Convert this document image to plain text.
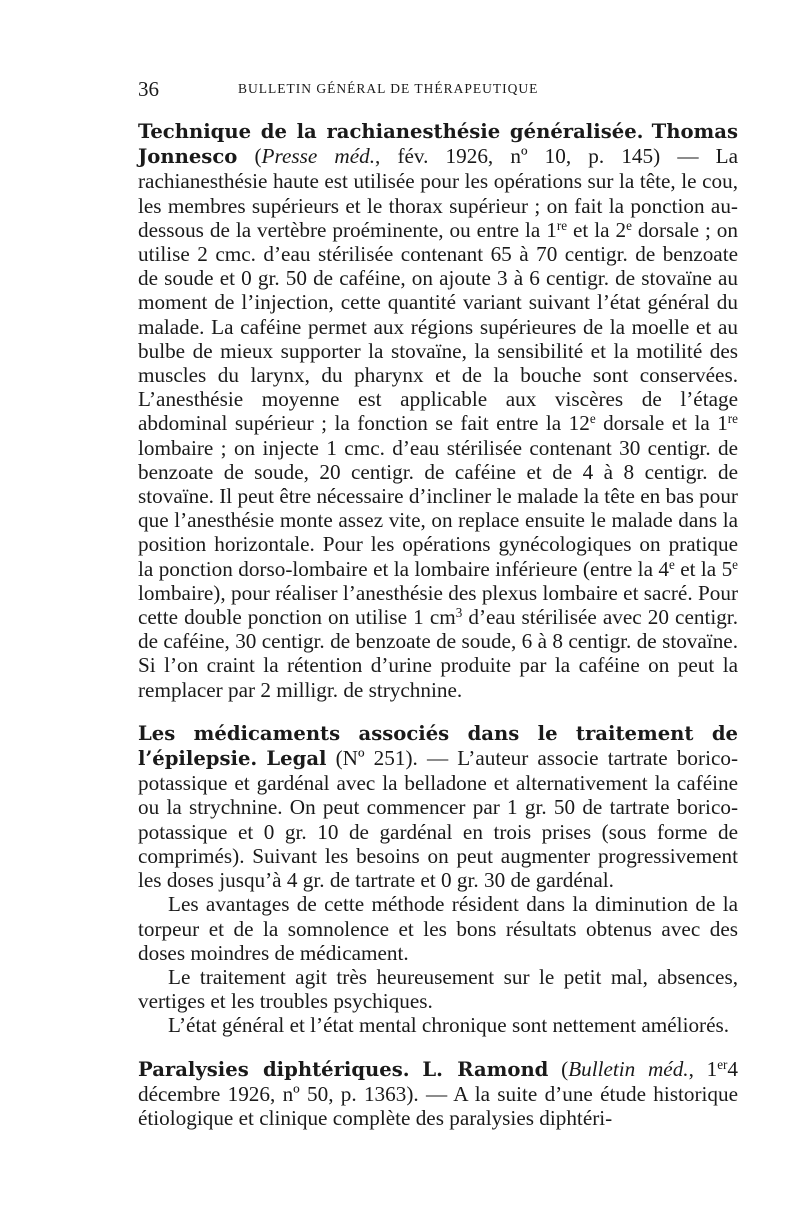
36	BULLETIN GÉNÉRAL DE THÉRAPEUTIQUE

Technique de la rachianesthésie généralisée. Thomas Jonnesco (Presse méd., fév. 1926, nº 10, p. 145) — La rachianesthésie haute est utilisée pour les opérations sur la tête, le cou, les membres supérieurs et le thorax supérieur ; on fait la ponction au-dessous de la vertèbre proéminente, ou entre la 1re et la 2e dorsale ; on utilise 2 cmc. d’eau stérilisée contenant 65 à 70 centigr. de benzoate de soude et 0 gr. 50 de caféine, on ajoute 3 à 6 centigr. de stovaïne au moment de l’injection, cette quantité variant suivant l’état général du malade. La caféine permet aux régions supérieures de la moelle et au bulbe de mieux supporter la stovaïne, la sensibilité et la motilité des muscles du larynx, du pharynx et de la bouche sont conservées. L’anesthésie moyenne est applicable aux viscères de l’étage abdominal supérieur ; la fonction se fait entre la 12e dorsale et la 1re lombaire ; on injecte 1 cmc. d’eau stérilisée contenant 30 centigr. de benzoate de soude, 20 centigr. de caféine et de 4 à 8 centigr. de stovaïne. Il peut être nécessaire d’incliner le malade la tête en bas pour que l’anesthésie monte assez vite, on replace ensuite le malade dans la position horizontale. Pour les opérations gynécologiques on pratique la ponction dorso-lombaire et la lombaire inférieure (entre la 4e et la 5e lombaire), pour réaliser l’anesthésie des plexus lombaire et sacré. Pour cette double ponction on utilise 1 $cm^3$ d’eau stérilisée avec 20 centigr. de caféine, 30 centigr. de benzoate de soude, 6 à 8 centigr. de stovaïne. Si l’on craint la rétention d’urine produite par la caféine on peut la remplacer par 2 milligr. de strychnine.

Les médicaments associés dans le traitement de l’épilepsie. Legal (Nº 251). — L’auteur associe tartrate borico-potassique et gardénal avec la belladone et alternativement la caféine ou la strychnine. On peut commencer par 1 gr. 50 de tartrate borico-potassique et 0 gr. 10 de gardénal en trois prises (sous forme de comprimés). Suivant les besoins on peut augmenter progressivement les doses jusqu’à 4 gr. de tartrate et 0 gr. 30 de gardénal.

Les avantages de cette méthode résident dans la diminution de la torpeur et de la somnolence et les bons résultats obtenus avec des doses moindres de médicament.

Le traitement agit très heureusement sur le petit mal, absences, vertiges et les troubles psychiques.

L’état général et l’état mental chronique sont nettement améliorés.

Paralysies diphtériques. L. Ramond (Bulletin méd., 1er4 décembre 1926, nº 50, p. 1363). — A la suite d’une étude historique étiologique et clinique complète des paralysies diphtéri-
